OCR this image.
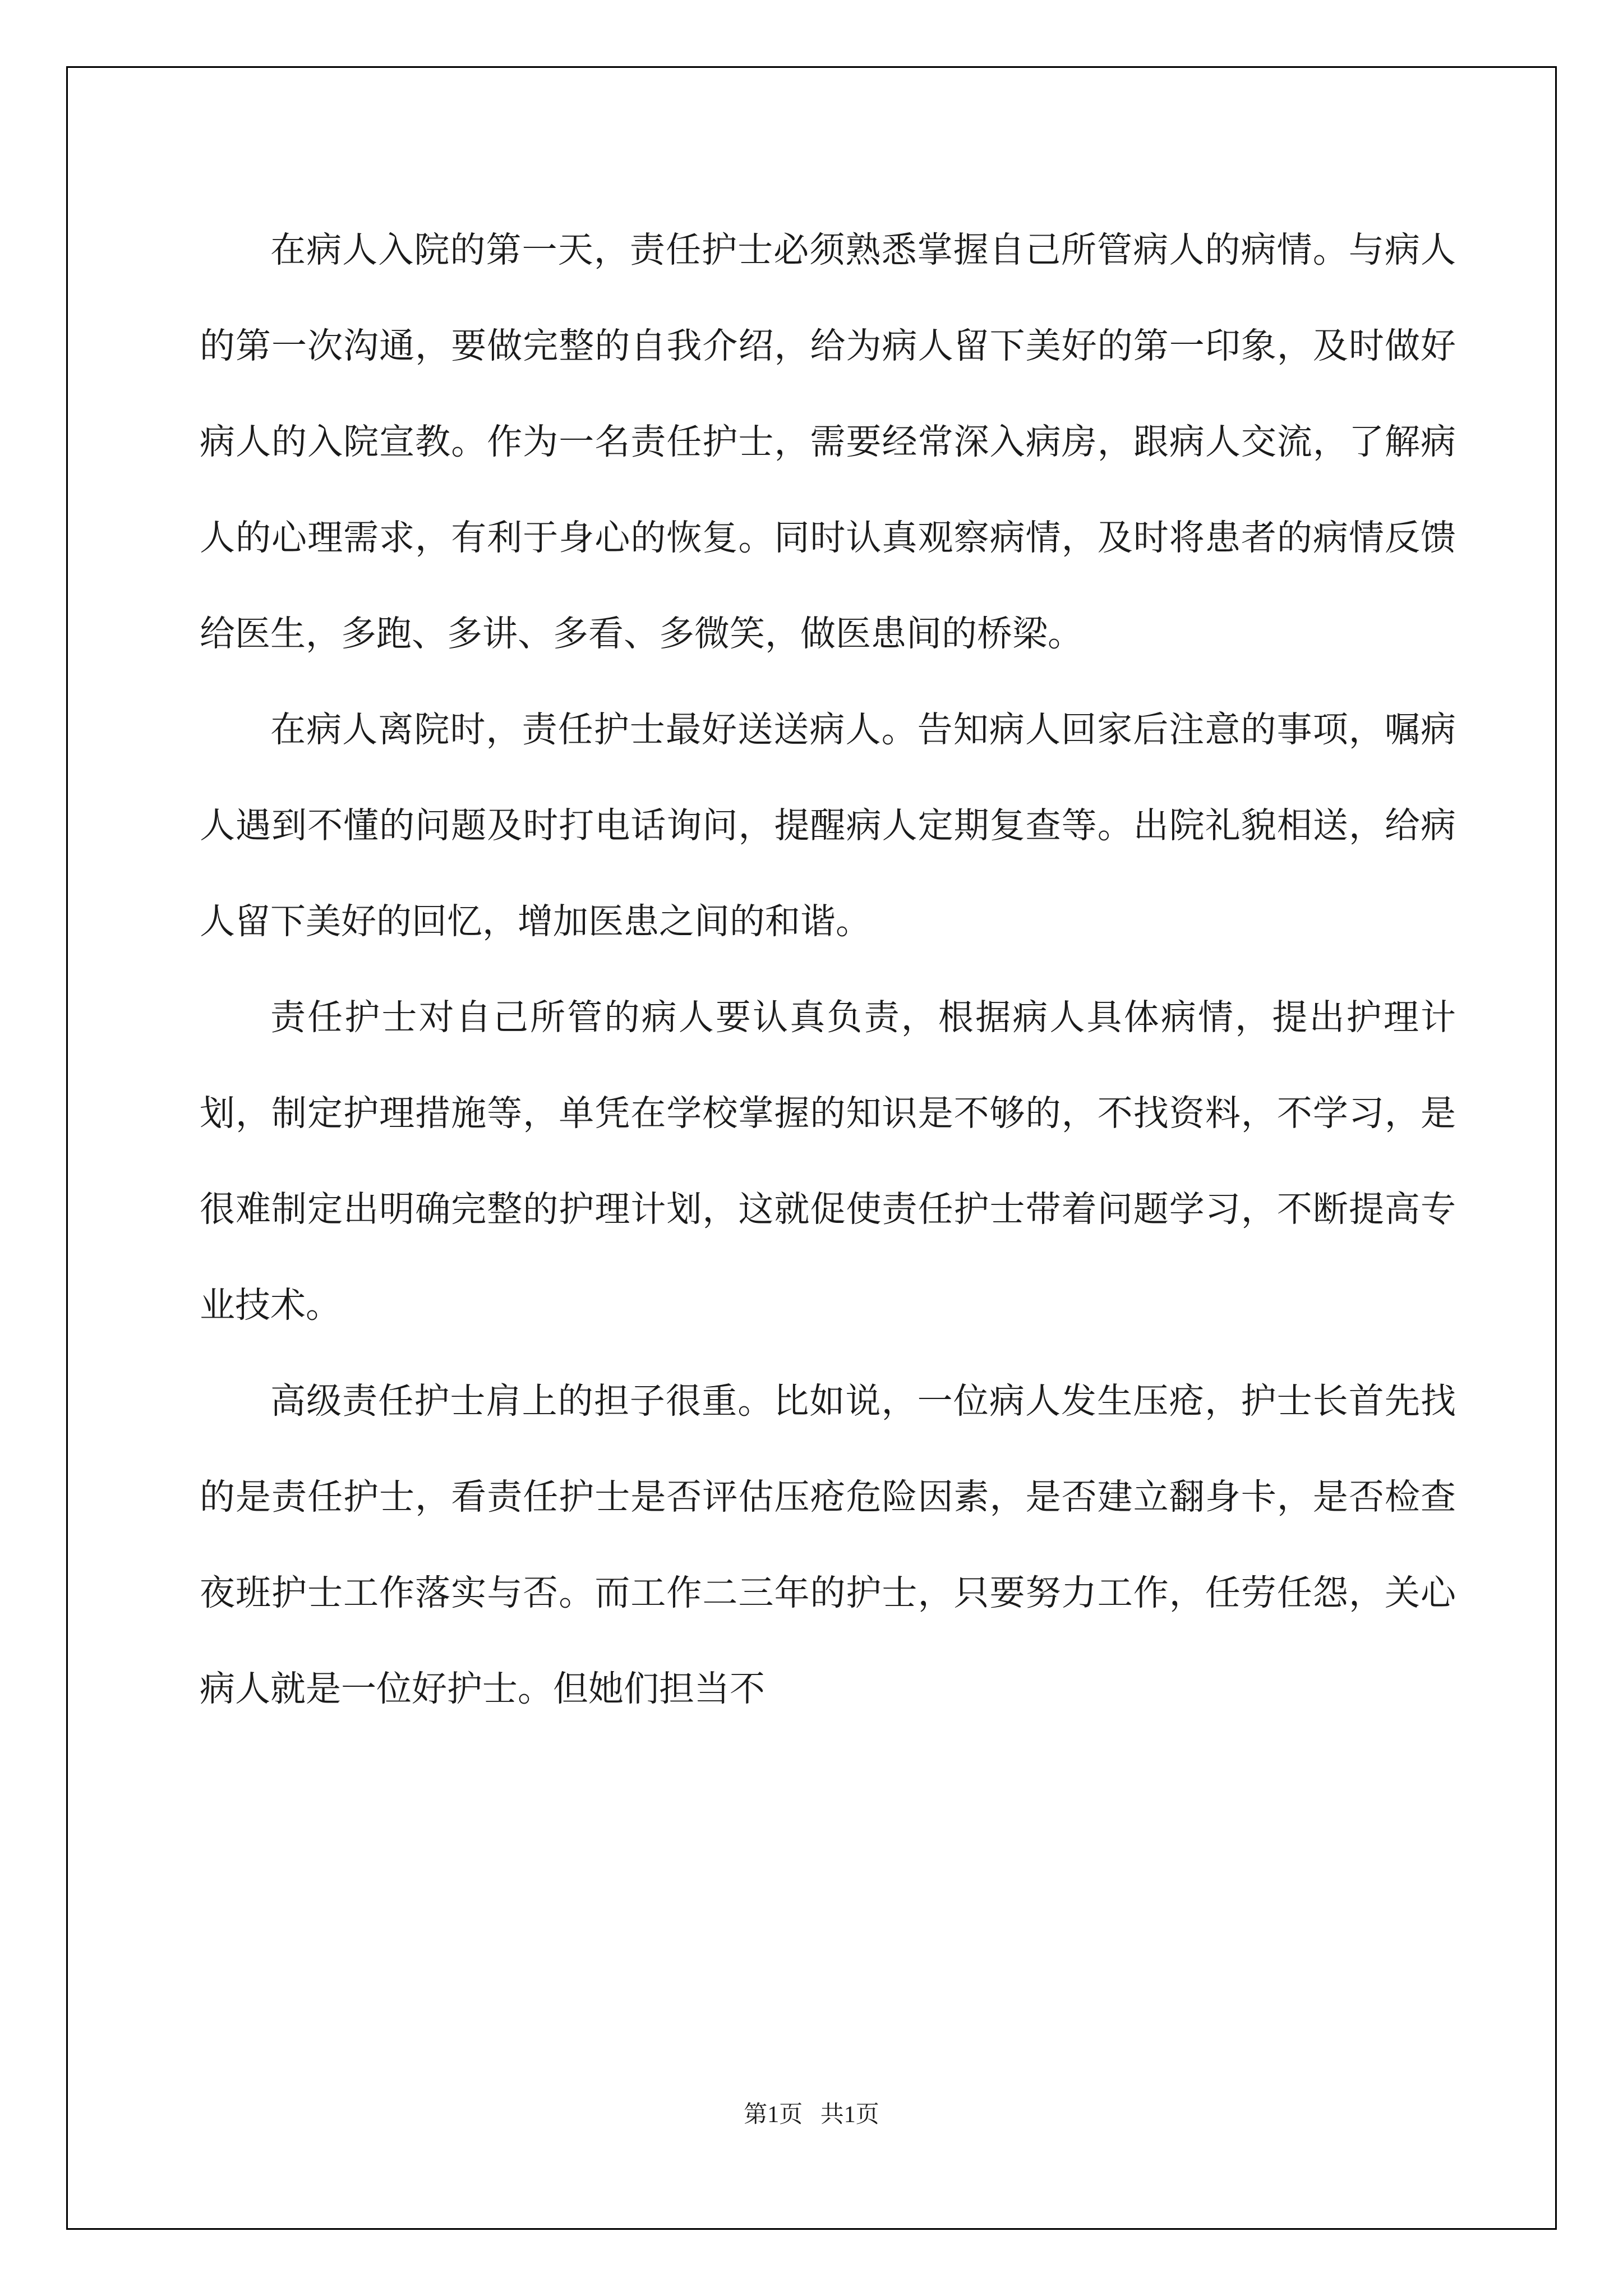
在病人入院的第一天，责任护士必须熟悉掌握自己所管病人的病情。与病人的第一次沟通，要做完整的自我介绍，给为病人留下美好的第一印象，及时做好病人的入院宣教。作为一名责任护士，需要经常深入病房，跟病人交流，了解病人的心理需求，有利于身心的恢复。同时认真观察病情，及时将患者的病情反馈给医生，多跑、多讲、多看、多微笑，做医患间的桥梁。

在病人离院时，责任护士最好送送病人。告知病人回家后注意的事项，嘱病人遇到不懂的问题及时打电话询问，提醒病人定期复查等。出院礼貌相送，给病人留下美好的回忆，增加医患之间的和谐。

责任护士对自己所管的病人要认真负责，根据病人具体病情，提出护理计划，制定护理措施等，单凭在学校掌握的知识是不够的，不找资料，不学习，是很难制定出明确完整的护理计划，这就促使责任护士带着问题学习，不断提高专业技术。

高级责任护士肩上的担子很重。比如说，一位病人发生压疮，护士长首先找的是责任护士，看责任护士是否评估压疮危险因素，是否建立翻身卡，是否检查夜班护士工作落实与否。而工作二三年的护士，只要努力工作，任劳任怨，关心病人就是一位好护士。但她们担当不

第1页   共1页
